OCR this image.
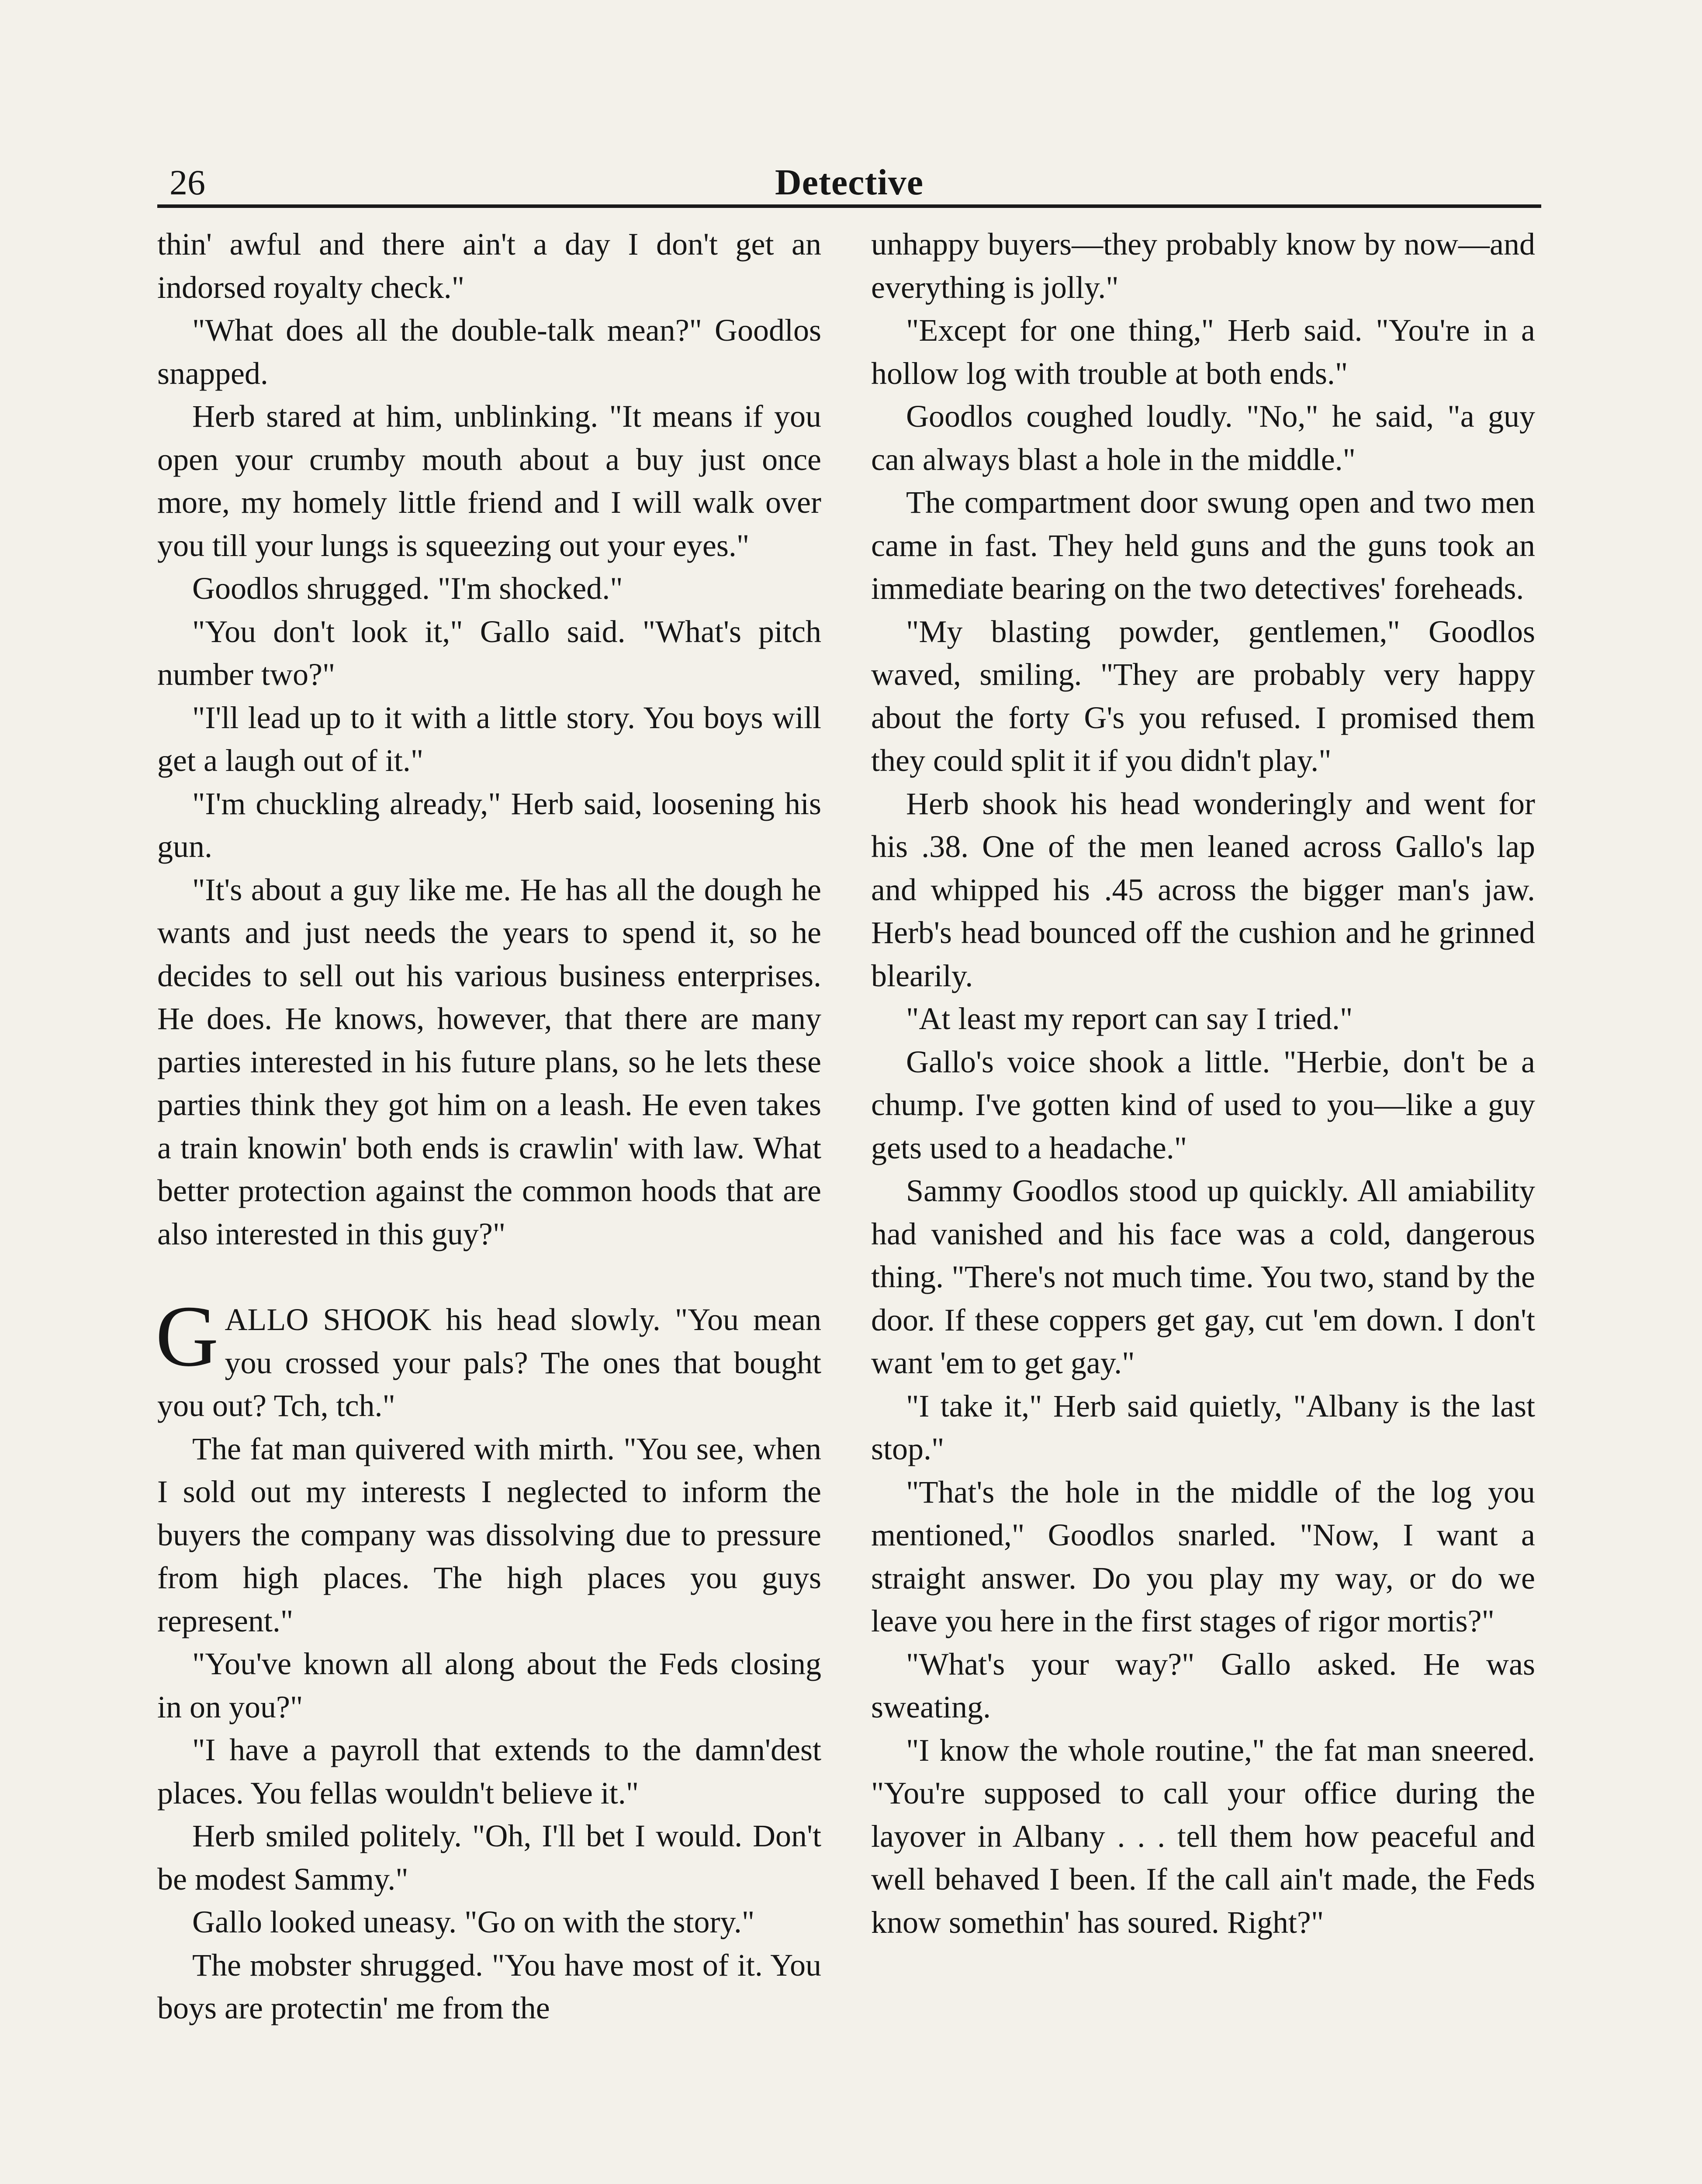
26	Detective

thin' awful and there ain't a day I don't get an indorsed royalty check."

"What does all the double-talk mean?" Goodlos snapped.

Herb stared at him, unblinking. "It means if you open your crumby mouth about a buy just once more, my homely little friend and I will walk over you till your lungs is squeezing out your eyes."

Goodlos shrugged. "I'm shocked."

"You don't look it," Gallo said. "What's pitch number two?"

"I'll lead up to it with a little story. You boys will get a laugh out of it."

"I'm chuckling already," Herb said, loosening his gun.

"It's about a guy like me. He has all the dough he wants and just needs the years to spend it, so he decides to sell out his various business enterprises. He does. He knows, however, that there are many parties interested in his future plans, so he lets these parties think they got him on a leash. He even takes a train knowin' both ends is crawlin' with law. What better protection against the common hoods that are also interested in this guy?"

GALLO SHOOK his head slowly. "You mean you crossed your pals? The ones that bought you out? Tch, tch."

The fat man quivered with mirth. "You see, when I sold out my interests I neglected to inform the buyers the company was dissolving due to pressure from high places. The high places you guys represent."

"You've known all along about the Feds closing in on you?"

"I have a payroll that extends to the damn'dest places. You fellas wouldn't believe it."

Herb smiled politely. "Oh, I'll bet I would. Don't be modest Sammy."

Gallo looked uneasy. "Go on with the story."

The mobster shrugged. "You have most of it. You boys are protectin' me from the

unhappy buyers—they probably know by now—and everything is jolly."

"Except for one thing," Herb said. "You're in a hollow log with trouble at both ends."

Goodlos coughed loudly. "No," he said, "a guy can always blast a hole in the middle."

The compartment door swung open and two men came in fast. They held guns and the guns took an immediate bearing on the two detectives' foreheads.

"My blasting powder, gentlemen," Goodlos waved, smiling. "They are probably very happy about the forty G's you refused. I promised them they could split it if you didn't play."

Herb shook his head wonderingly and went for his .38. One of the men leaned across Gallo's lap and whipped his .45 across the bigger man's jaw. Herb's head bounced off the cushion and he grinned blearily.

"At least my report can say I tried."

Gallo's voice shook a little. "Herbie, don't be a chump. I've gotten kind of used to you—like a guy gets used to a headache."

Sammy Goodlos stood up quickly. All amiability had vanished and his face was a cold, dangerous thing. "There's not much time. You two, stand by the door. If these coppers get gay, cut 'em down. I don't want 'em to get gay."

"I take it," Herb said quietly, "Albany is the last stop."

"That's the hole in the middle of the log you mentioned," Goodlos snarled. "Now, I want a straight answer. Do you play my way, or do we leave you here in the first stages of rigor mortis?"

"What's your way?" Gallo asked. He was sweating.

"I know the whole routine," the fat man sneered. "You're supposed to call your office during the layover in Albany . . . tell them how peaceful and well behaved I been. If the call ain't made, the Feds know somethin' has soured. Right?"
